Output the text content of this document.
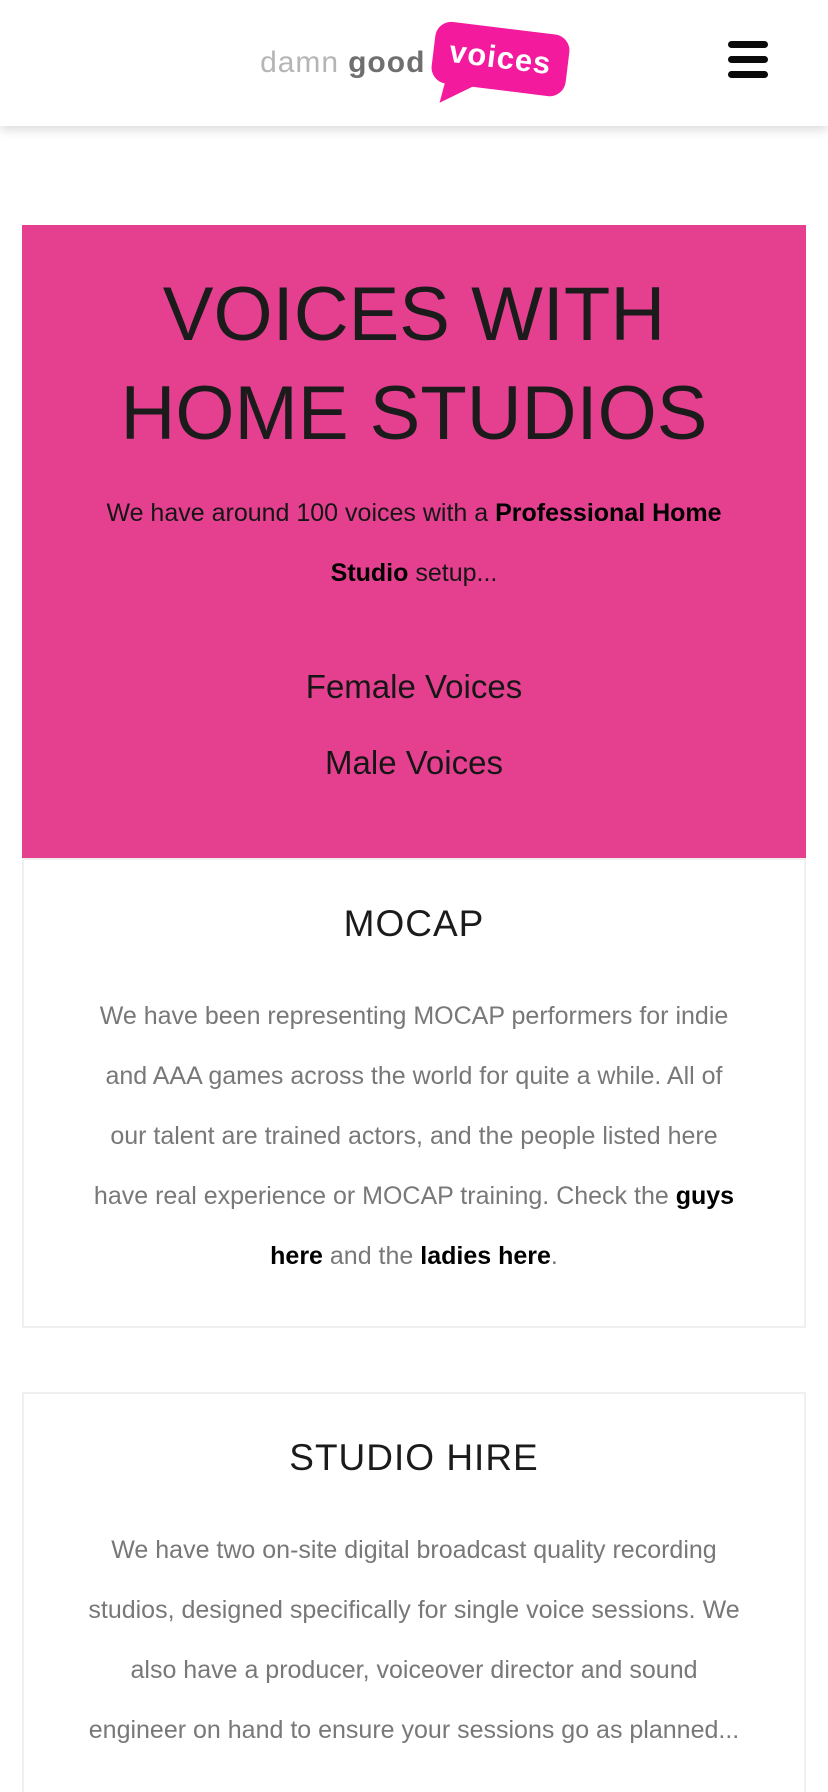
damn good voices
VOICES WITH
HOME STUDIOS

We have around 100 voices with a Professional Home Studio setup...

Female Voices
Male Voices
MOCAP

We have been representing MOCAP performers for indie and AAA games across the world for quite a while. All of our talent are trained actors, and the people listed here have real experience or MOCAP training. Check the guys here and the ladies here.

STUDIO HIRE

We have two on-site digital broadcast quality recording studios, designed specifically for single voice sessions. We also have a producer, voiceover director and sound engineer on hand to ensure your sessions go as planned...
